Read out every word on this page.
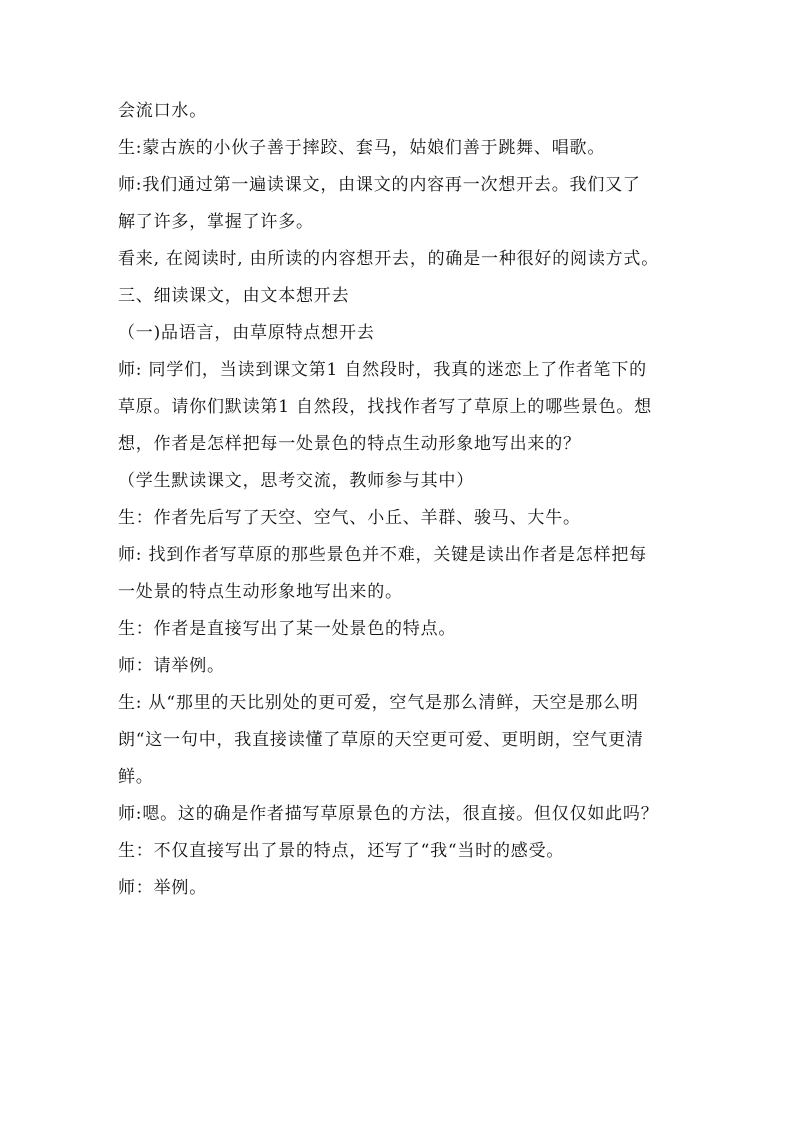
会流口水。
生:蒙古族的小伙子善于摔跤、套马，姑娘们善于跳舞、唱歌。
师:我们通过第一遍读课文，由课文的内容再一次想开去。我们又了
解了许多，掌握了许多。
看来, 在阅读时, 由所读的内容想开去，的确是一种很好的阅读方式。
三、细读课文，由文本想开去
（一)品语言，由草原特点想开去
师: 同学们，当读到课文第1 自然段时，我真的迷恋上了作者笔下的
草原。请你们默读第1 自然段，找找作者写了草原上的哪些景色。想
想，作者是怎样把每一处景色的特点生动形象地写出来的？
（学生默读课文，思考交流，教师参与其中）
生：作者先后写了天空、空气、小丘、羊群、骏马、大牛。
师: 找到作者写草原的那些景色并不难，关键是读出作者是怎样把每
一处景的特点生动形象地写出来的。
生：作者是直接写出了某一处景色的特点。
师：请举例。
生: 从“那里的天比别处的更可爱，空气是那么清鲜，天空是那么明
朗“这一句中，我直接读懂了草原的天空更可爱、更明朗，空气更清
鲜。
师:嗯。这的确是作者描写草原景色的方法，很直接。但仅仅如此吗？
生：不仅直接写出了景的特点，还写了“我“当时的感受。
师：举例。
